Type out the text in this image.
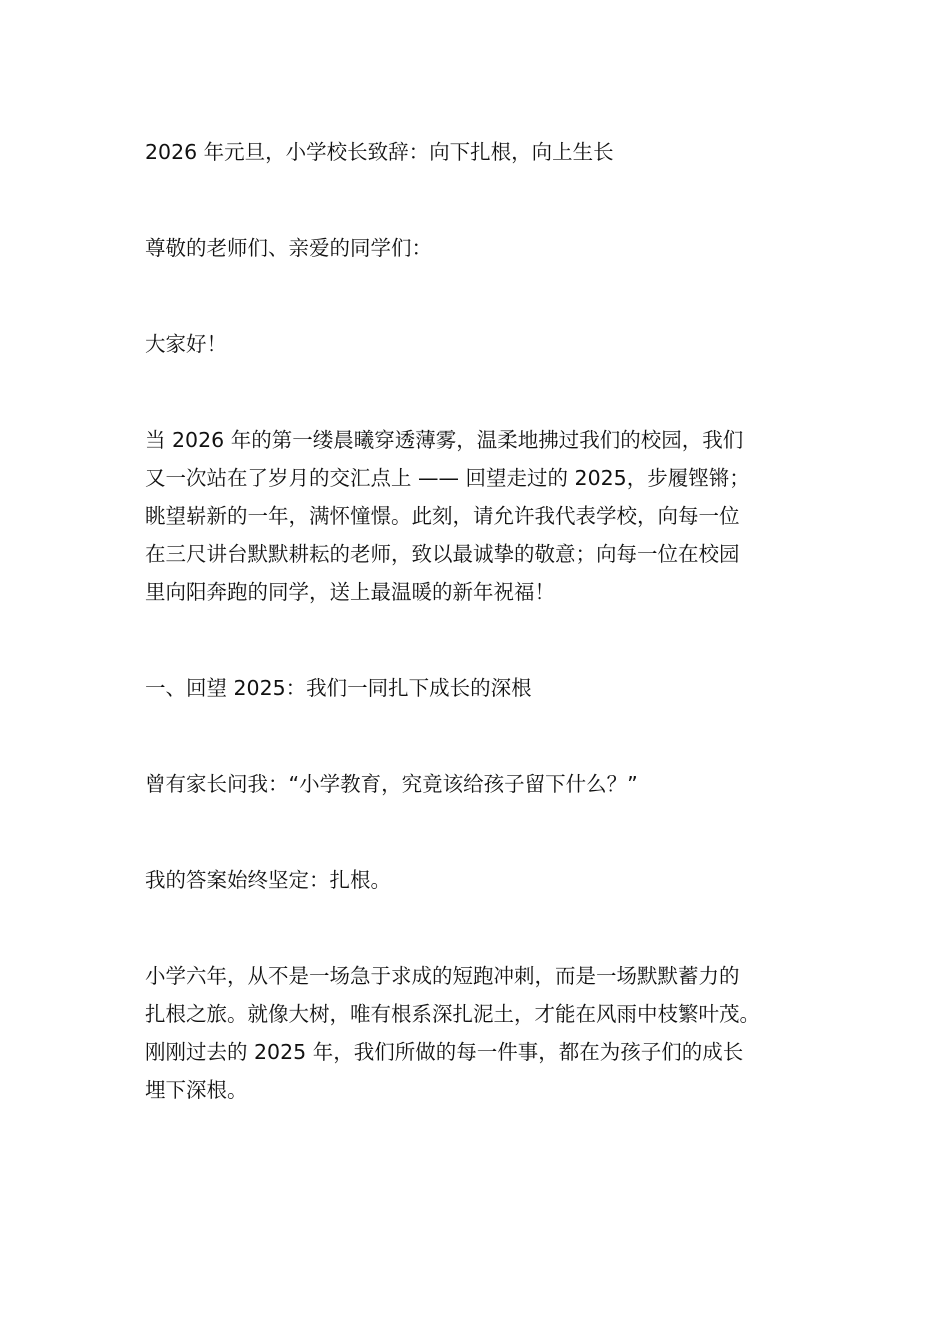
2026 年元旦，小学校长致辞：向下扎根，向上生长

尊敬的老师们、亲爱的同学们：

大家好！

当 2026 年的第一缕晨曦穿透薄雾，温柔地拂过我们的校园，我们
又一次站在了岁月的交汇点上 —— 回望走过的 2025，步履铿锵；
眺望崭新的一年，满怀憧憬。此刻，请允许我代表学校，向每一位
在三尺讲台默默耕耘的老师，致以最诚挚的敬意；向每一位在校园
里向阳奔跑的同学，送上最温暖的新年祝福！

一、回望 2025：我们一同扎下成长的深根

曾有家长问我：“小学教育，究竟该给孩子留下什么？”

我的答案始终坚定：扎根。

小学六年，从不是一场急于求成的短跑冲刺，而是一场默默蓄力的
扎根之旅。就像大树，唯有根系深扎泥土，才能在风雨中枝繁叶茂。
刚刚过去的 2025 年，我们所做的每一件事，都在为孩子们的成长
埋下深根。
